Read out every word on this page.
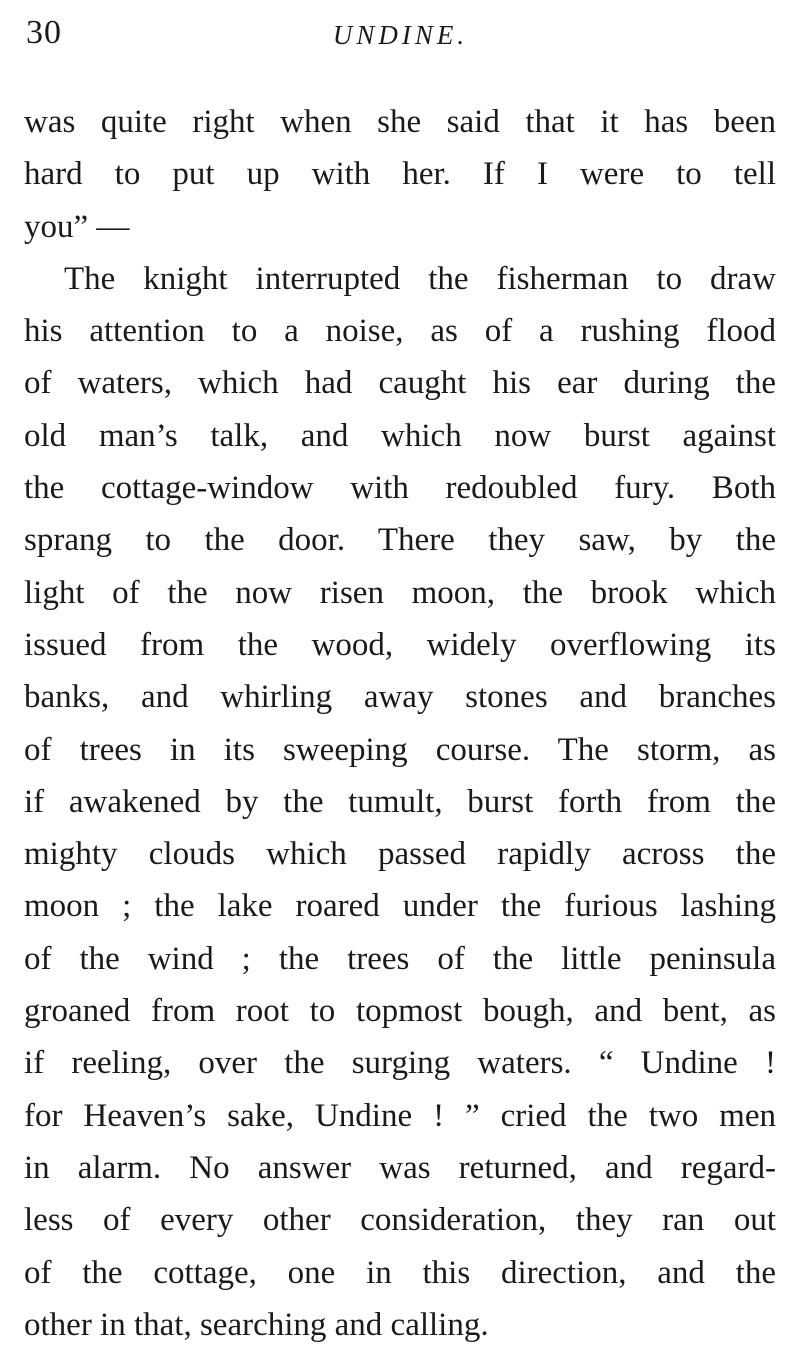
30	UNDINE.
was quite right when she said that it has been
hard to put up with her. If I were to tell
you” —
The knight interrupted the fisherman to draw
his attention to a noise, as of a rushing flood
of waters, which had caught his ear during the
old man’s talk, and which now burst against
the cottage-window with redoubled fury. Both
sprang to the door. There they saw, by the
light of the now risen moon, the brook which
issued from the wood, widely overflowing its
banks, and whirling away stones and branches
of trees in its sweeping course. The storm, as
if awakened by the tumult, burst forth from the
mighty clouds which passed rapidly across the
moon ; the lake roared under the furious lashing
of the wind ; the trees of the little peninsula
groaned from root to topmost bough, and bent, as
if reeling, over the surging waters. “ Undine !
for Heaven’s sake, Undine ! ” cried the two men
in alarm. No answer was returned, and regard-
less of every other consideration, they ran out
of the cottage, one in this direction, and the
other in that, searching and calling.
